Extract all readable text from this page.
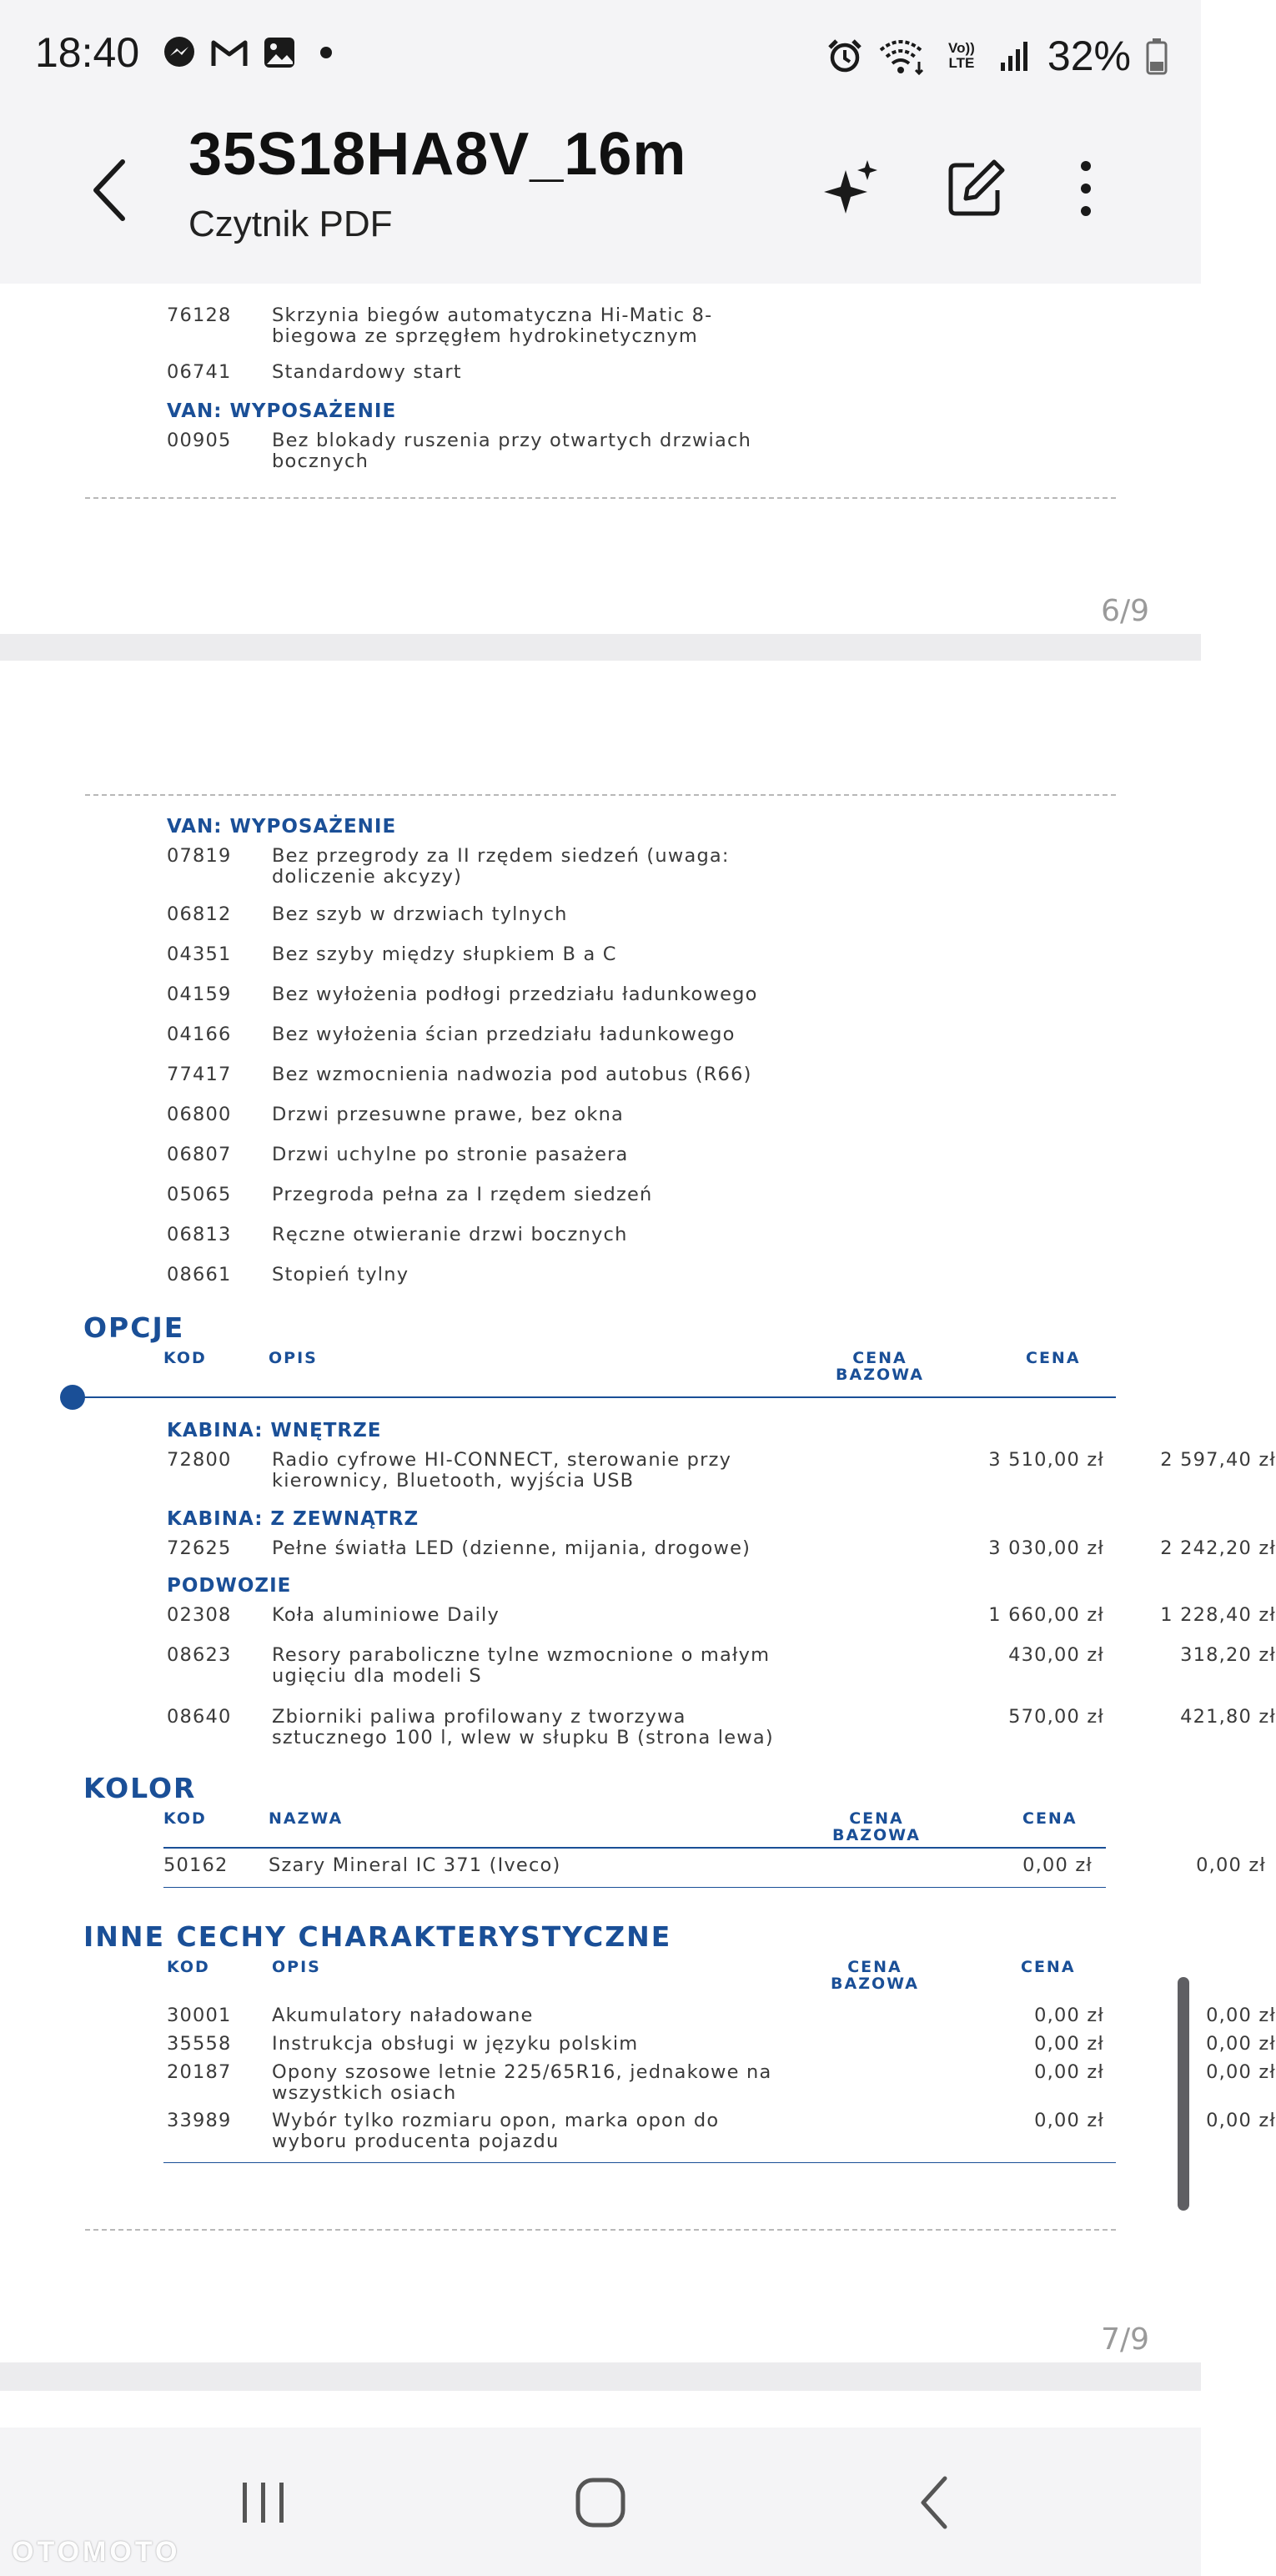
18:40	Vo))
LTE 32%
35S18HA8V_16m
Czytnik PDF
76128	Skrzynia biegów automatyczna Hi-Matic 8-
biegowa ze sprzęgłem hydrokinetycznym
06741	Standardowy start
VAN: WYPOSAŻENIE
00905	Bez blokady ruszenia przy otwartych drzwiach
bocznych
6/9
VAN: WYPOSAŻENIE
07819	Bez przegrody za II rzędem siedzeń (uwaga:
doliczenie akcyzy)
06812	Bez szyb w drzwiach tylnych
04351	Bez szyby między słupkiem B a C
04159	Bez wyłożenia podłogi przedziału ładunkowego
04166	Bez wyłożenia ścian przedziału ładunkowego
77417	Bez wzmocnienia nadwozia pod autobus (R66)
06800	Drzwi przesuwne prawe, bez okna
06807	Drzwi uchylne po stronie pasażera
05065	Przegroda pełna za I rzędem siedzeń
06813	Ręczne otwieranie drzwi bocznych
08661	Stopień tylny
OPCJE
KOD	OPIS	CENA
BAZOWA
CENA
KABINA: WNĘTRZE
72800	Radio cyfrowe HI-CONNECT, sterowanie przy
kierownicy, Bluetooth, wyjścia USB
3 510,00 zł	2 597,40 zł
KABINA: Z ZEWNĄTRZ
72625	Pełne światła LED (dzienne, mijania, drogowe)	3 030,00 zł	2 242,20 zł
PODWOZIE
02308	Koła aluminiowe Daily	1 660,00 zł	1 228,40 zł
08623	Resory paraboliczne tylne wzmocnione o małym
ugięciu dla modeli S
430,00 zł	318,20 zł
08640	Zbiorniki paliwa profilowany z tworzywa
sztucznego 100 l, wlew w słupku B (strona lewa)
570,00 zł	421,80 zł
KOLOR
KOD	NAZWA	CENA
BAZOWA
CENA
50162	Szary Mineral IC 371 (Iveco)	0,00 zł	0,00 zł
INNE CECHY CHARAKTERYSTYCZNE
KOD	OPIS	CENA
BAZOWA
CENA
30001	Akumulatory naładowane	0,00 zł	0,00 zł
35558	Instrukcja obsługi w języku polskim	0,00 zł	0,00 zł
20187	Opony szosowe letnie 225/65R16, jednakowe na
wszystkich osiach
0,00 zł	0,00 zł
33989	Wybór tylko rozmiaru opon, marka opon do
wyboru producenta pojazdu
0,00 zł	0,00 zł
7/9
OTOMOTO
